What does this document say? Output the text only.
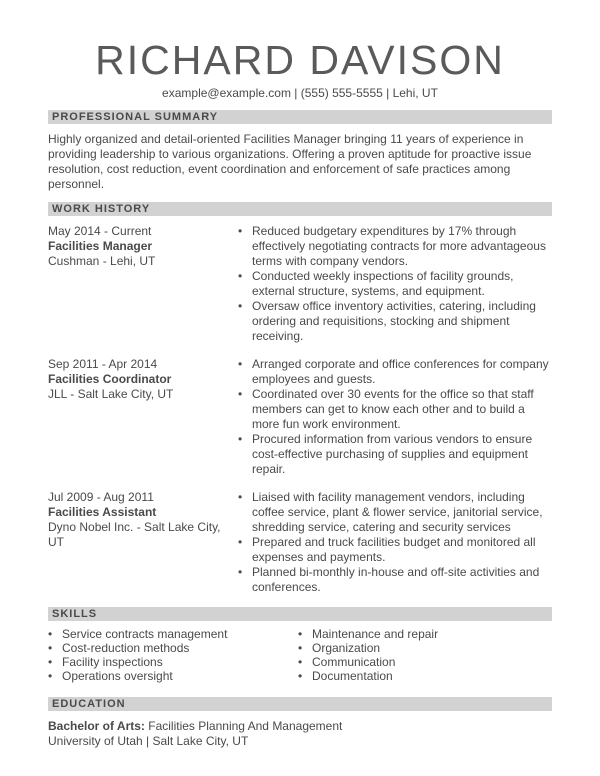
RICHARD DAVISON
example@example.com | (555) 555-5555 | Lehi, UT
PROFESSIONAL SUMMARY
Highly organized and detail-oriented Facilities Manager bringing 11 years of experience in providing leadership to various organizations. Offering a proven aptitude for proactive issue resolution, cost reduction, event coordination and enforcement of safe practices among personnel.
WORK HISTORY
May 2014 - Current
Facilities Manager
Cushman - Lehi, UT
• Reduced budgetary expenditures by 17% through effectively negotiating contracts for more advantageous terms with company vendors.
• Conducted weekly inspections of facility grounds, external structure, systems, and equipment.
• Oversaw office inventory activities, catering, including ordering and requisitions, stocking and shipment receiving.
Sep 2011 - Apr 2014
Facilities Coordinator
JLL - Salt Lake City, UT
• Arranged corporate and office conferences for company employees and guests.
• Coordinated over 30 events for the office so that staff members can get to know each other and to build a more fun work environment.
• Procured information from various vendors to ensure cost-effective purchasing of supplies and equipment repair.
Jul 2009 - Aug 2011
Facilities Assistant
Dyno Nobel Inc. - Salt Lake City, UT
• Liaised with facility management vendors, including coffee service, plant & flower service, janitorial service, shredding service, catering and security services
• Prepared and truck facilities budget and monitored all expenses and payments.
• Planned bi-monthly in-house and off-site activities and conferences.
SKILLS
• Service contracts management
• Cost-reduction methods
• Facility inspections
• Operations oversight
• Maintenance and repair
• Organization
• Communication
• Documentation
EDUCATION
Bachelor of Arts: Facilities Planning And Management
University of Utah | Salt Lake City, UT
